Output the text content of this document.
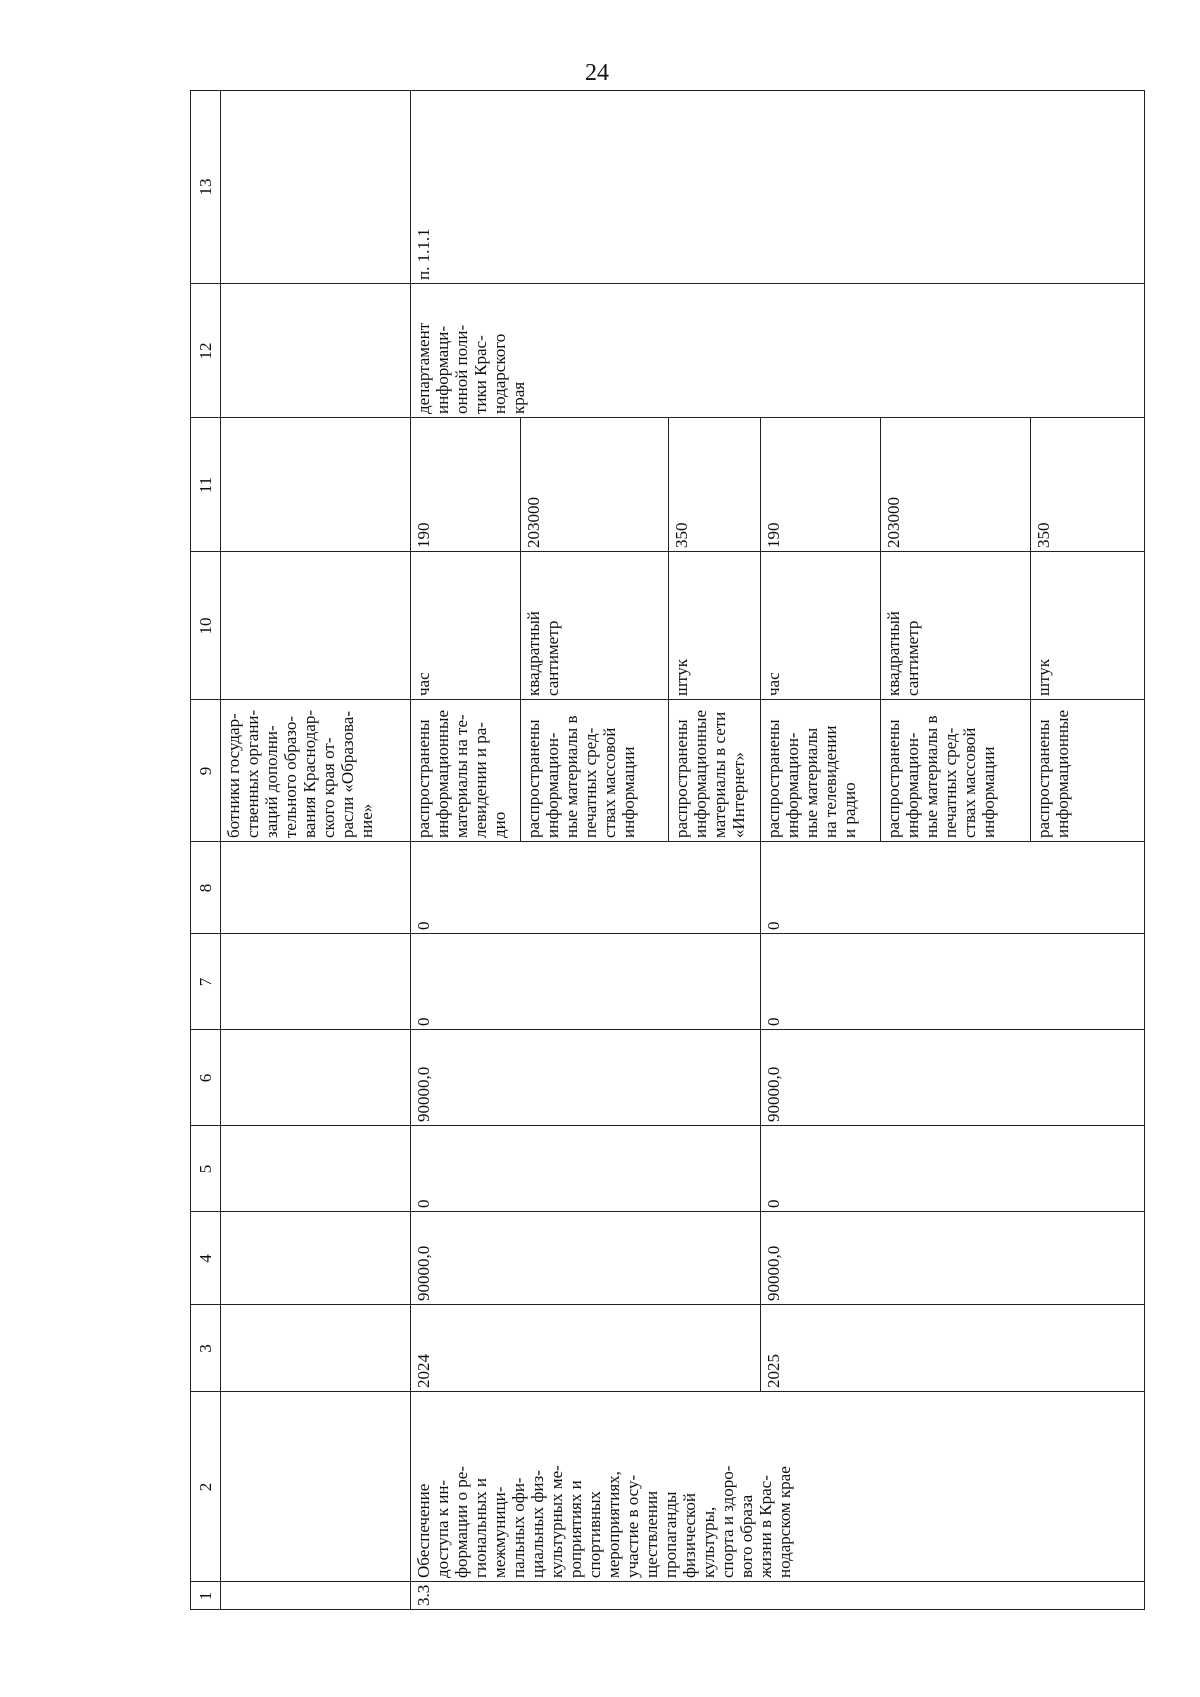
24
1
2
3
4
5
6
7
8
9
10
11
12
13
ботники государ-
ственных органи-
заций дополни-
тельного образо-
вания Краснодар-
ского края от-
расли «Образова-
ние»
3.3
Обеспечение
доступа к ин-
формации о ре-
гиональных и
межмуници-
пальных офи-
циальных физ-
культурных ме-
роприятиях и
спортивных
мероприятиях,
участие в осу-
ществлении
пропаганды
физической
культуры,
спорта и здоро-
вого образа
жизни в Крас-
нодарском крае
департамент
информаци-
онной поли-
тики Крас-
нодарского
края
п. 1.1.1
2024
90000,0
0
90000,0
0
0
распространены
информационные
материалы на те-
левидении и ра-
дио
час
190
распространены
информацион-
ные материалы в
печатных сред-
ствах массовой
информации
квадратный
сантиметр
203000
распространены
информационные
материалы в сети
«Интернет»
штук
350
2025
90000,0
0
90000,0
0
0
распространены
информацион-
ные материалы
на телевидении
и радио
час
190
распространены
информацион-
ные материалы в
печатных сред-
ствах массовой
информации
квадратный
сантиметр
203000
распространены
информационные
штук
350
